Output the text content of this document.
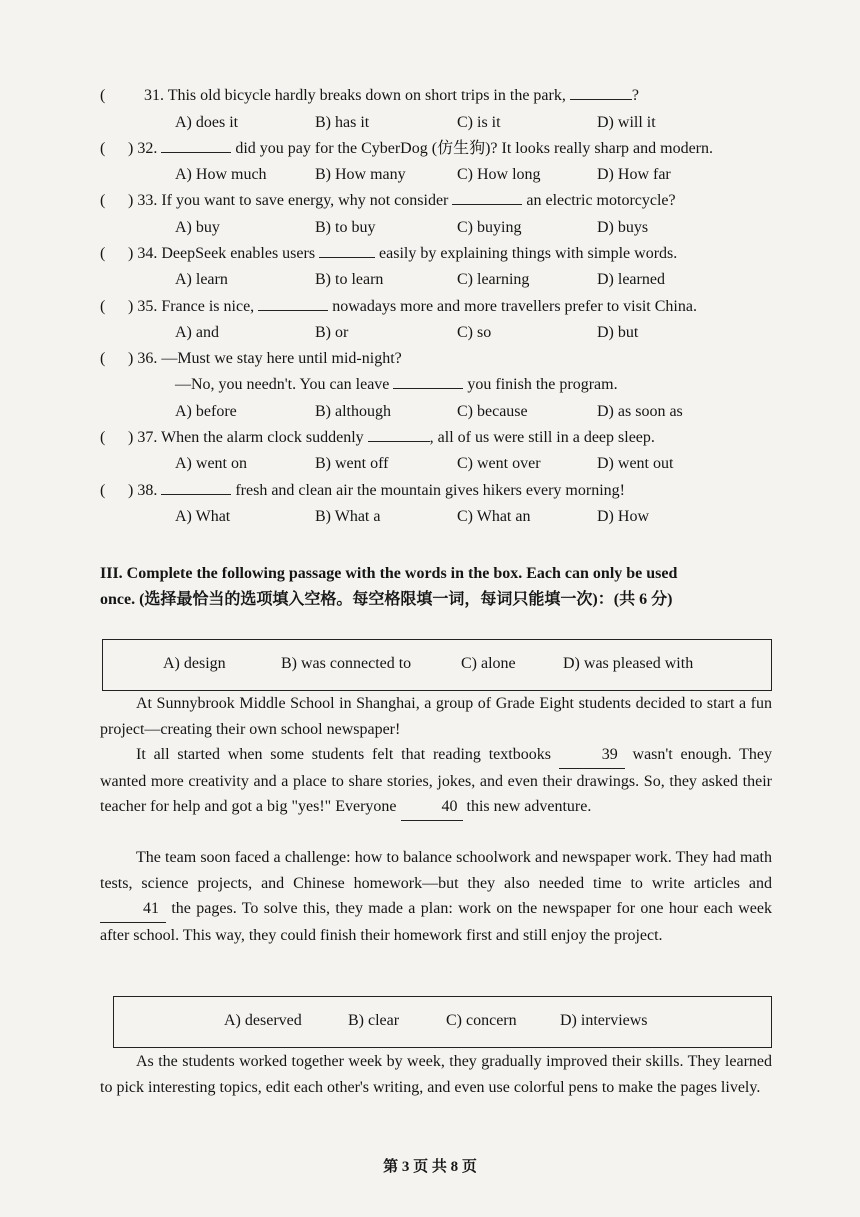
( 31. This old bicycle hardly breaks down on short trips in the park,	?
A) does it	B) has it	C) is it	D) will it
( ) 32.	did you pay for the CyberDog (仿生狗)? It looks really sharp and modern.
A) How much	B) How many	C) How long	D) How far
( ) 33. If you want to save energy, why not consider	an electric motorcycle?
A) buy	B) to buy	C) buying	D) buys
( ) 34. DeepSeek enables users	easily by explaining things with simple words.
A) learn	B) to learn	C) learning	D) learned
( ) 35. France is nice,	nowadays more and more travellers prefer to visit China.
A) and	B) or	C) so	D) but
( ) 36. —Must we stay here until mid-night?
—No, you needn't. You can leave	you finish the program.
A) before	B) although	C) because	D) as soon as
( ) 37. When the alarm clock suddenly	, all of us were still in a deep sleep.
A) went on	B) went off	C) went over	D) went out
( ) 38.	fresh and clean air the mountain gives hikers every morning!
A) What	B) What a	C) What an	D) How
III. Complete the following passage with the words in the box. Each can only be used
once. (选择最恰当的选项填入空格。每空格限填一词，每词只能填一次)：(共 6 分)
A) design	B) was connected to	C) alone	D) was pleased with
At Sunnybrook Middle School in Shanghai, a group of Grade Eight students decided to start a fun project—creating their own school newspaper!
It all started when some students felt that reading textbooks	39 wasn't enough. They wanted more creativity and a place to share stories, jokes, and even their drawings. So, they asked their teacher for help and got a big "yes!" Everyone	40 this new adventure.
The team soon faced a challenge: how to balance schoolwork and newspaper work. They had math tests, science projects, and Chinese homework—but they also needed time to write articles and 41 the pages. To solve this, they made a plan: work on the newspaper for one hour each week after school. This way, they could finish their homework first and still enjoy the project.
A) deserved	B) clear	C) concern	D) interviews
As the students worked together week by week, they gradually improved their skills. They learned to pick interesting topics, edit each other's writing, and even use colorful pens to make the pages lively.
第 3 页 共 8 页
